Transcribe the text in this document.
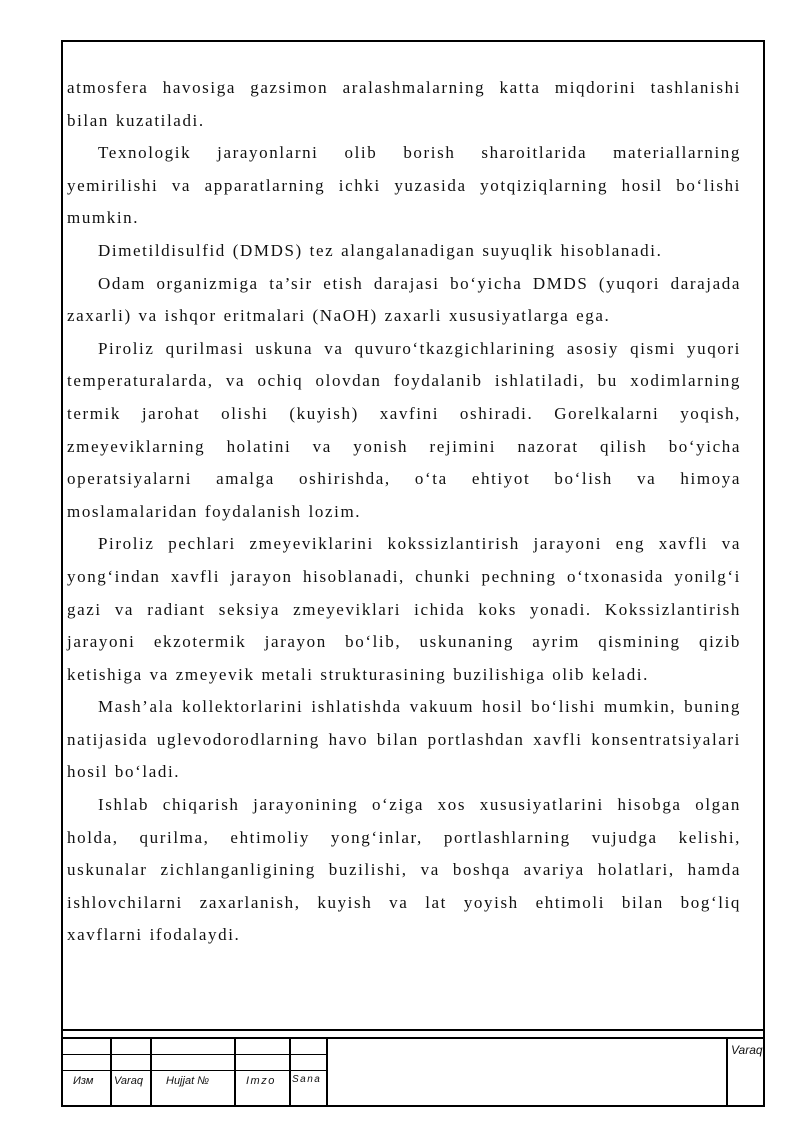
atmosfera havosiga gazsimon aralashmalarning katta miqdorini tashlanishi bilan kuzatiladi.

Texnologik jarayonlarni olib borish sharoitlarida materiallarning yemirilishi va apparatlarning ichki yuzasida yotqiziqlarning hosil bo‘lishi mumkin.

Dimetildisulfid (DMDS) tez alangalanadigan suyuqlik hisoblanadi.

Odam organizmiga ta’sir etish darajasi bo‘yicha DMDS (yuqori darajada zaxarli) va ishqor eritmalari (NaOH) zaxarli xususiyatlarga ega.

Piroliz qurilmasi uskuna va quvuro‘tkazgichlarining asosiy qismi yuqori temperaturalarda, va ochiq olovdan foydalanib ishlatiladi, bu xodimlarning termik jarohat olishi (kuyish) xavfini oshiradi. Gorelkalarni yoqish, zmeyeviklarning holatini va yonish rejimini nazorat qilish bo‘yicha operatsiyalarni amalga oshirishda, o‘ta ehtiyot bo‘lish va himoya moslamalaridan foydalanish lozim.

Piroliz pechlari zmeyeviklarini kokssizlantirish jarayoni eng xavfli va yong‘indan xavfli jarayon hisoblanadi, chunki pechning o‘txonasida yonilg‘i gazi va radiant seksiya zmeyeviklari ichida koks yonadi. Kokssizlantirish jarayoni ekzotermik jarayon bo‘lib, uskunaning ayrim qismining qizib ketishiga va zmeyevik metali strukturasining buzilishiga olib keladi.

Mash’ala kollektorlarini ishlatishda vakuum hosil bo‘lishi mumkin, buning natijasida uglevodorodlarning havo bilan portlashdan xavfli konsentratsiyalari hosil bo‘ladi.

Ishlab chiqarish jarayonining o‘ziga xos xususiyatlarini hisobga olgan holda, qurilma, ehtimoliy yong‘inlar, portlashlarning vujudga kelishi, uskunalar zichlanganligining buzilishi, va boshqa avariya holatlari, hamda ishlovchilarni zaxarlanish, kuyish va lat yoyish ehtimoli bilan bog‘liq xavflarni ifodalaydi.

Изм Varaq Hujjat №	Imzo Sana
Varaq
